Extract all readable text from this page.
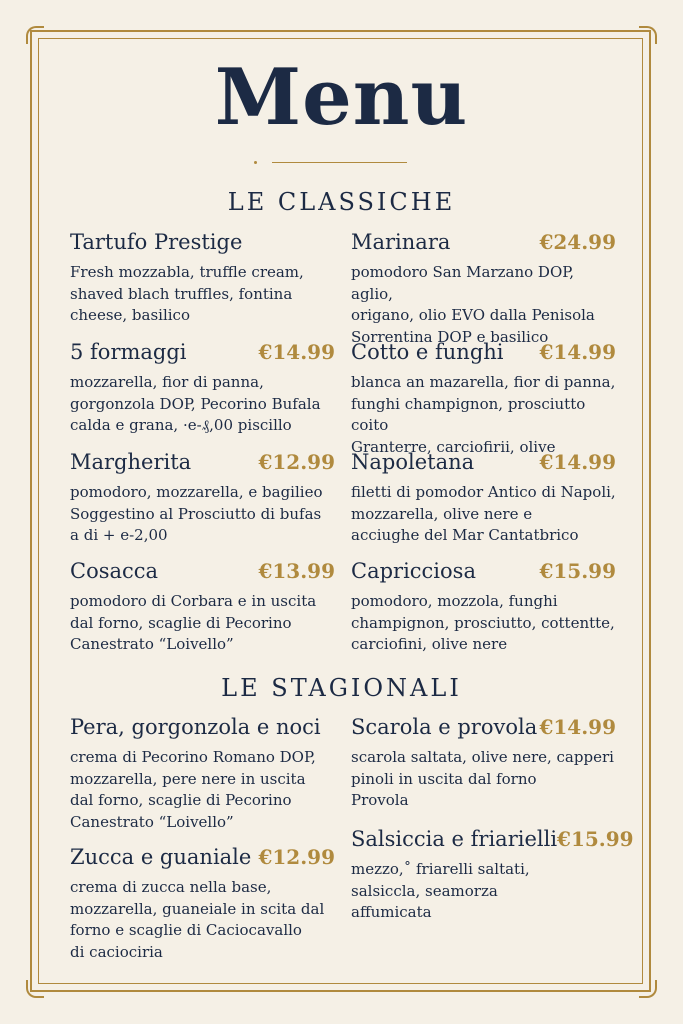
Menu
LE CLASSICHE
Tartufo Prestige
Fresh mozzabla, truffle cream,
shaved blach truffles, fontina
cheese, basilico
Marinara	€24.99
pomodoro San Marzano DOP, aglio,
origano, olio EVO dalla Penisola
Sorrentina DOP e basilico
5 formaggi	€14.99
mozzarella, fior di panna,
gorgonzola DOP, Pecorino Bufala
calda e grana, ·e-₰,00 piscillo
Cotto e funghi €14.99
blanca an mazarella, fior di panna,
funghi champignon, prosciutto coito
Granterre, carciofirii, olive
Margherita	€12.99
pomodoro, mozzarella, e bagilieo
Soggestino al Prosciutto di bufas
a di + e-2,00
Napoletana	€14.99
filetti di pomodor Antico di Napoli,
mozzarella, olive nere e
acciughe del Mar Cantatbrico
Cosacca	€13.99
pomodoro di Corbara e in uscita
dal forno, scaglie di Pecorino
Canestrato “Loivello”
Capricciosa	€15.99
pomodoro, mozzola, funghi
champignon, prosciutto, cottentte,
carciofini, olive nere
LE STAGIONALI
Pera, gorgonzola e noci
crema di Pecorino Romano DOP,
mozzarella, pere nere in uscita
dal forno, scaglie di Pecorino
Canestrato “Loivello”
Scarola e provola €14.99
scarola saltata, olive nere, capperi
pinoli in uscita dal forno
Provola
Zucca e guaniale €12.99
crema di zucca nella base,
mozzarella, guaneiale in scita dal
forno e scaglie di Caciocavallo
di caciociria
Salsiccia e friarielli €15.99
mezzo,˚ friarelli saltati,
salsiccla, seamorza
affumicata
